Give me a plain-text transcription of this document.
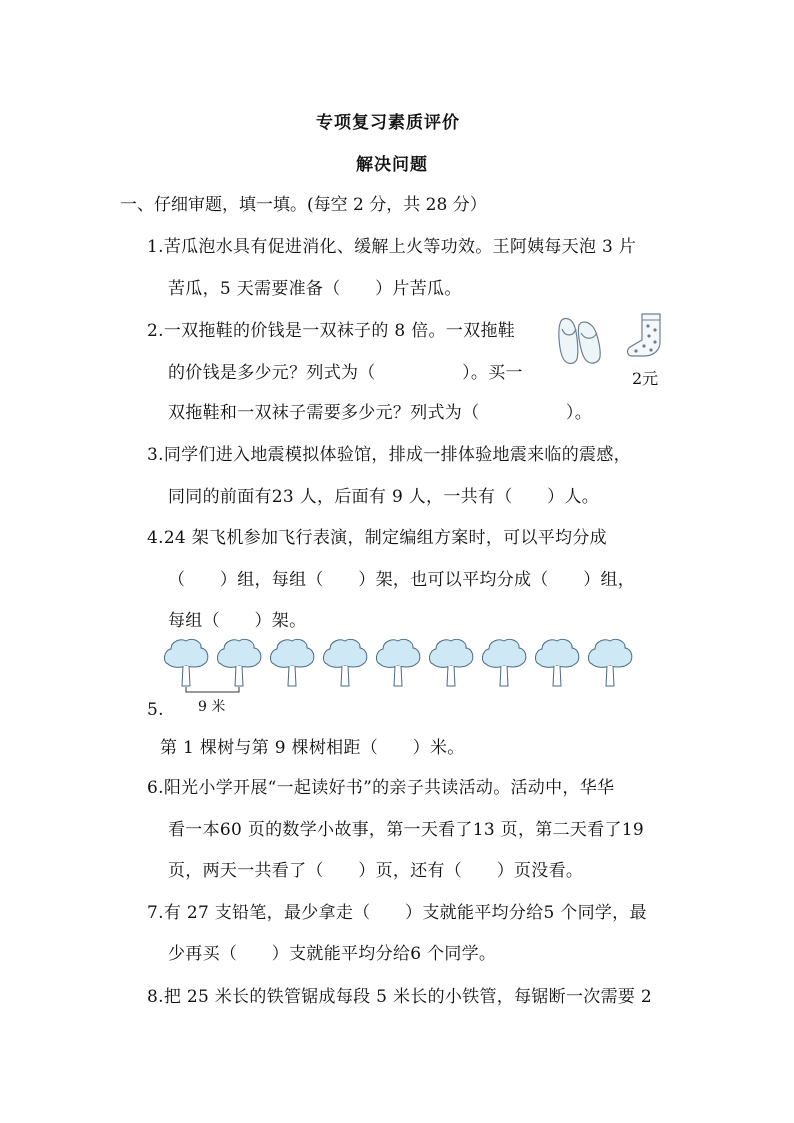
专项复习素质评价
解决问题
一、仔细审题，填一填。(每空 2 分，共 28 分）
1.苦瓜泡水具有促进消化、缓解上火等功效。王阿姨每天泡 3 片
苦瓜，5 天需要准备（　　）片苦瓜。
2.一双拖鞋的价钱是一双袜子的 8 倍。一双拖鞋
的价钱是多少元？列式为（　　　　　）。买一
双拖鞋和一双袜子需要多少元？列式为（　　　　　）。
2元
3.同学们进入地震模拟体验馆，排成一排体验地震来临的震感，
同同的前面有23 人，后面有 9 人，一共有（　　）人。
4.24 架飞机参加飞行表演，制定编组方案时，可以平均分成
（　　）组，每组（　　）架，也可以平均分成（　　）组，
每组（　　）架。
9 米
5.
第 1 棵树与第 9 棵树相距（　　）米。
6.阳光小学开展“一起读好书”的亲子共读活动。活动中，华华
看一本60 页的数学小故事，第一天看了13 页，第二天看了19
页，两天一共看了（　　）页，还有（　　）页没看。
7.有 27 支铅笔，最少拿走（　　）支就能平均分给5 个同学，最
少再买（　　）支就能平均分给6 个同学。
8.把 25 米长的铁管锯成每段 5 米长的小铁管，每锯断一次需要 2
